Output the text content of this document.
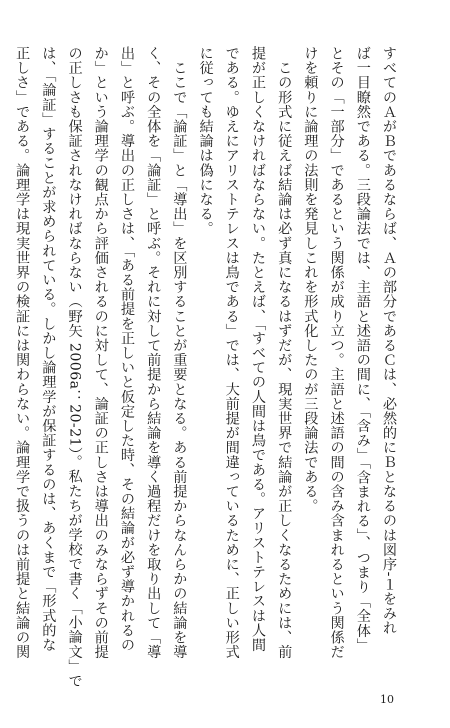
すべてのＡがＢであるならば、Ａの部分であるＣは、必然的にＢとなるのは図序-１をみれ
ば一目瞭然である。三段論法では、主語と述語の間に、「含み」「含まれる」、つまり「全体」
とその「一部分」であるという関係が成り立つ。主語と述語の間の含み含まれるという関係だ
けを頼りに論理の法則を発見しこれを形式化したのが三段論法である。
　この形式に従えば結論は必ず真になるはずだが、現実世界で結論が正しくなるためには、前
提が正しくなければならない。たとえば、「すべての人間は鳥である。アリストテレスは人間
である。ゆえにアリストテレスは鳥である」では、大前提が間違っているために、正しい形式
に従っても結論は偽になる。
　ここで「論証」と「導出」を区別することが重要となる。ある前提からなんらかの結論を導
く、その全体を「論証」と呼ぶ。それに対して前提から結論を導く過程だけを取り出して「導
出」と呼ぶ。導出の正しさは、「ある前提を正しいと仮定した時、その結論が必ず導かれるの
か」という論理学の観点から評価されるのに対して、論証の正しさは導出のみならずその前提
の正しさも保証されなければならない（野矢 2006a：20-21）。私たちが学校で書く「小論文」で
は、「論証」することが求められている。しかし論理学が保証するのは、あくまで「形式的な
正しさ」である。論理学は現実世界の検証には関わらない。論理学で扱うのは前提と結論の関
10
